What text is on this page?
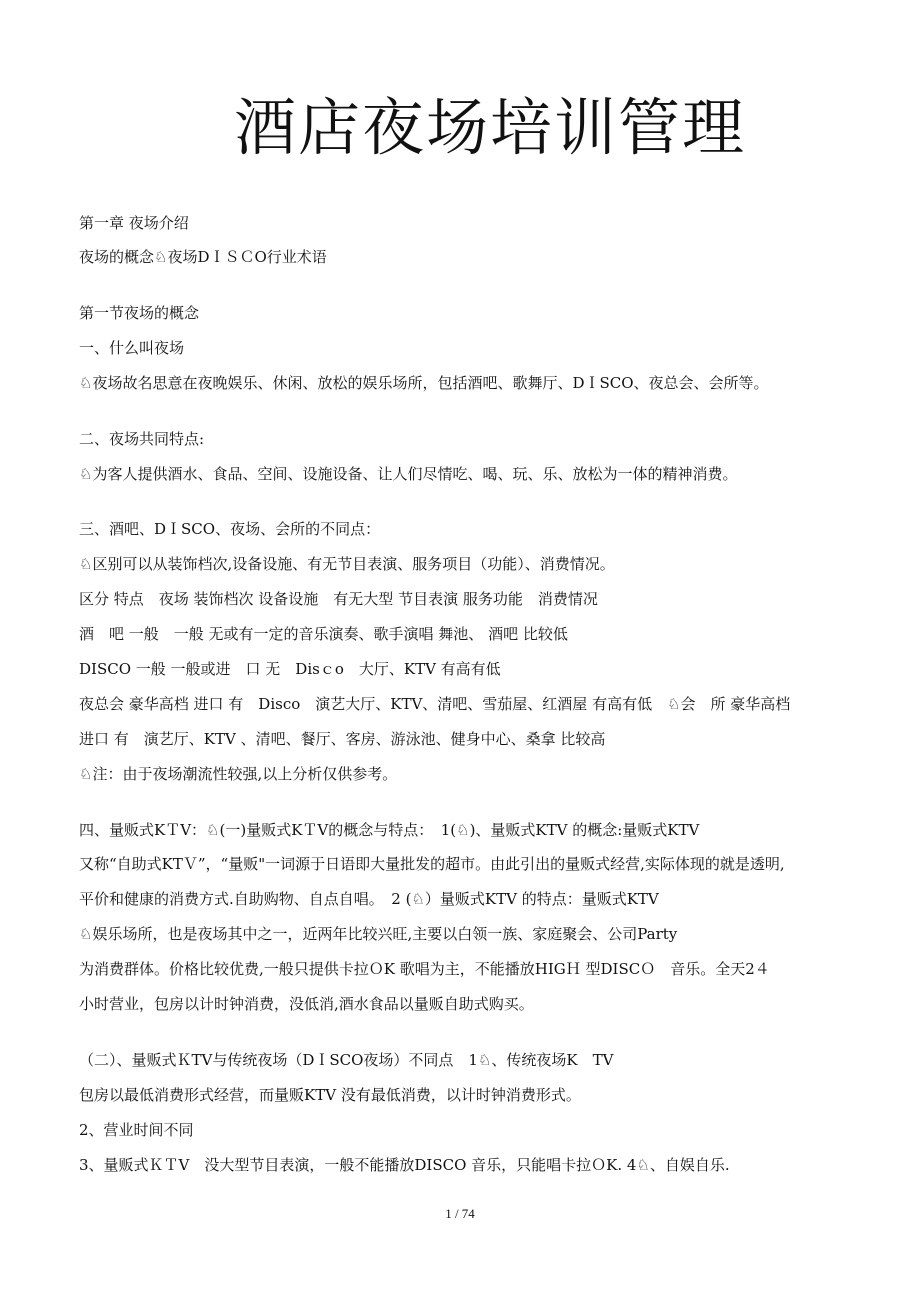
酒店夜场培训管理
第一章 夜场介绍
夜场的概念♘夜场DＩＳＣO行业术语
第一节夜场的概念
一、什么叫夜场
♘夜场故名思意在夜晚娱乐、休闲、放松的娱乐场所，包括酒吧、歌舞厅、DＩSCO、夜总会、会所等。
二、夜场共同特点:
♘为客人提供酒水、食品、空间、设施设备、让人们尽情吃、喝、玩、乐、放松为一体的精神消费。
三、酒吧、DＩSCO、夜场、会所的不同点：
♘区别可以从装饰档次,设备设施、有无节目表演、服务项目（功能）、消费情况。
区分 特点　夜场 装饰档次 设备设施　有无大型 节目表演 服务功能　消费情况
酒　吧 一般　一般 无或有一定的音乐演奏、歌手演唱 舞池、 酒吧 比较低
DISCO 一般 一般或进　口 无　Disｃo　大厅、KTV 有高有低
夜总会 豪华高档 进口 有　Disco　演艺大厅、KTV、清吧、雪茄屋、红酒屋 有高有低　♘会　所 豪华高档
进口 有　演艺厅、KTV 、清吧、餐厅、客房、游泳池、健身中心、桑拿 比较高
♘注：由于夜场潮流性较强,以上分析仅供参考。
四、量贩式KＴV：♘(一)量贩式KＴV的概念与特点：　1(♘)、量贩式KTV 的概念:量贩式KTV
又称“自助式KTＶ”，“量贩"一词源于日语即大量批发的超市。由此引出的量贩式经营,实际体现的就是透明,
平价和健康的消费方式.自助购物、自点自唱。　2 (♘）量贩式KTV 的特点：量贩式KTV
♘娱乐场所，也是夜场其中之一，近两年比较兴旺,主要以白领一族、家庭聚会、公司Party
为消费群体。价格比较优费,一般只提供卡拉ＯK 歌唱为主，不能播放HIGＨ 型DISCＯ　音乐。全天2４
小时营业，包房以计时钟消费，没低消,酒水食品以量贩自助式购买。
（二）、量贩式ＫTV与传统夜场（DＩSCO夜场）不同点　1♘、传统夜场K　TV
包房以最低消费形式经营，而量贩KTV 没有最低消费，以计时钟消费形式。
2、营业时间不同
3、量贩式ＫＴV　没大型节目表演，一般不能播放DISCO 音乐，只能唱卡拉ＯK. 4♘、自娱自乐.
1 / 74
